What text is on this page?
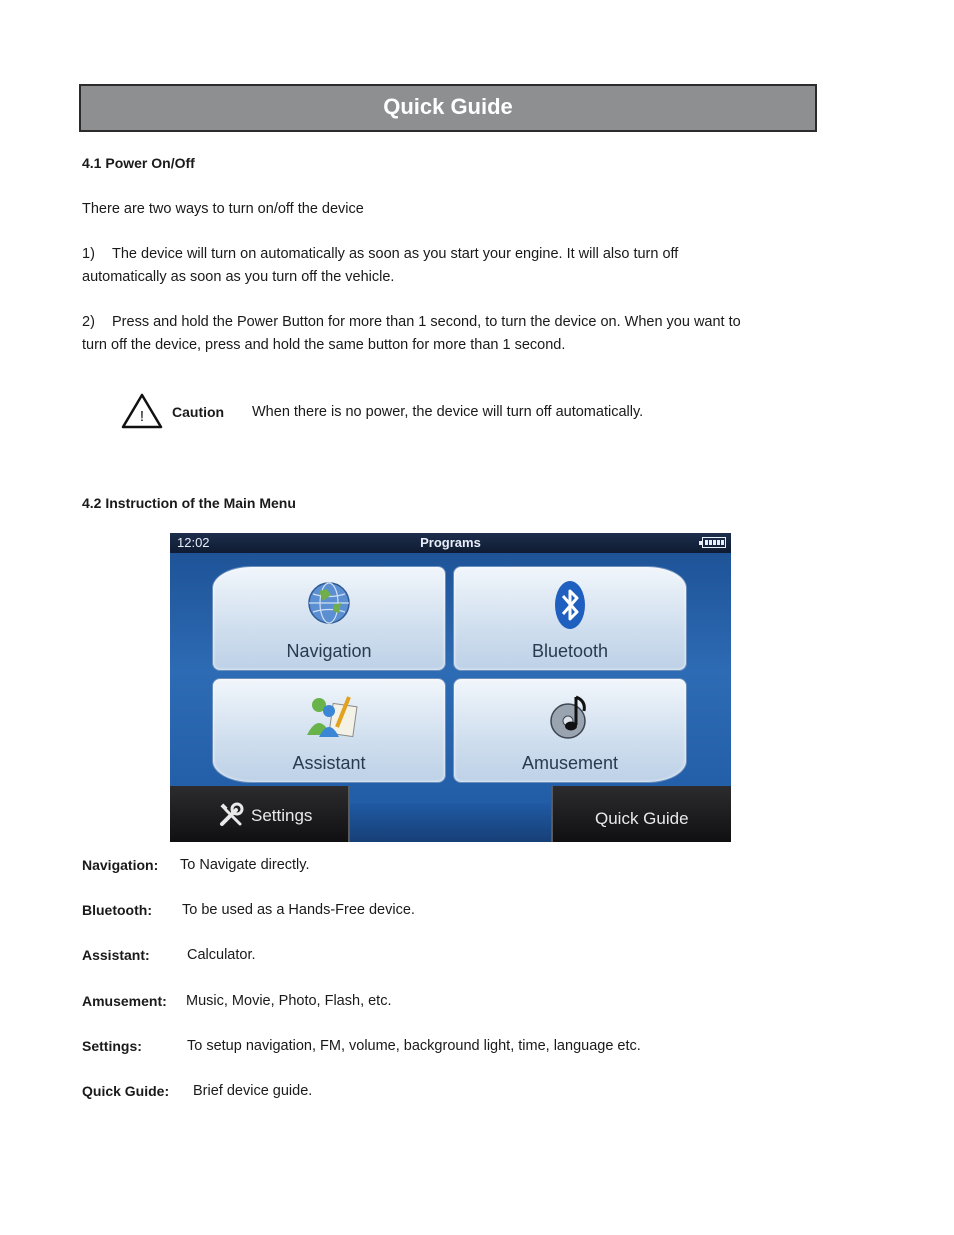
Quick Guide
4.1 Power On/Off
There are two ways to turn on/off the device
1) The device will turn on automatically as soon as you start your engine. It will also turn off
automatically as soon as you turn off the vehicle.
2) Press and hold the Power Button for more than 1 second, to turn the device on. When you want to
turn off the device, press and hold the same button for more than 1 second.
! Caution When there is no power, the device will turn off automatically.
4.2 Instruction of the Main Menu
12:02	Programs
Navigation	Bluetooth
Assistant	Amusement
Settings	Quick Guide
Navigation: To Navigate directly.
Bluetooth: To be used as a Hands-Free device.
Assistant:	Calculator.
Amusement: Music, Movie, Photo, Flash, etc.
Settings:	To setup navigation, FM, volume, background light, time, language etc.
Quick Guide: Brief device guide.
